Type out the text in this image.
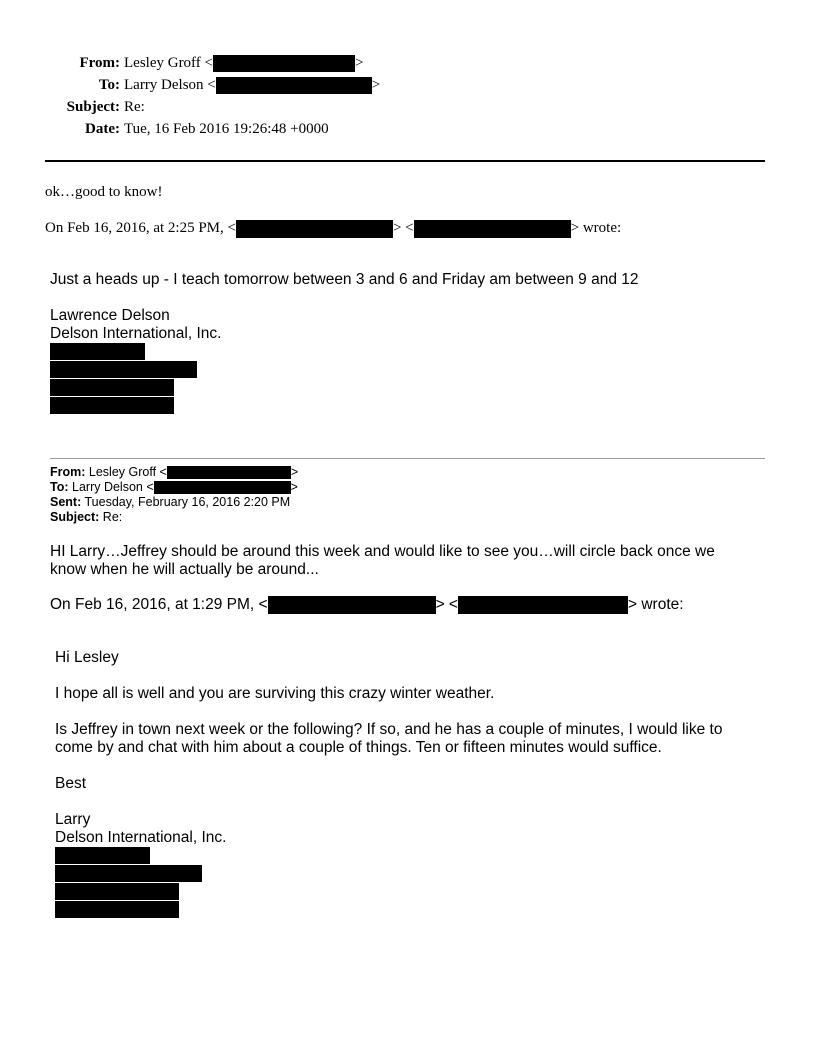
From: Lesley Groff <	>
To: Larry Delson <	>
Subject: Re:
Date: Tue, 16 Feb 2016 19:26:48 +0000
ok…good to know!
On Feb 16, 2016, at 2:25 PM, <	> <	> wrote:
Just a heads up - I teach tomorrow between 3 and 6 and Friday am between 9 and 12
Lawrence Delson
Delson International, Inc.
From: Lesley Groff <	>
To: Larry Delson <	>
Sent: Tuesday, February 16, 2016 2:20 PM
Subject: Re:
HI Larry…Jeffrey should be around this week and would like to see you…will circle back once we
know when he will actually be around...
On Feb 16, 2016, at 1:29 PM, <	> <	> wrote:
Hi Lesley
I hope all is well and you are surviving this crazy winter weather.
Is Jeffrey in town next week or the following? If so, and he has a couple of minutes, I would like to
come by and chat with him about a couple of things. Ten or fifteen minutes would suffice.
Best
Larry
Delson International, Inc.
